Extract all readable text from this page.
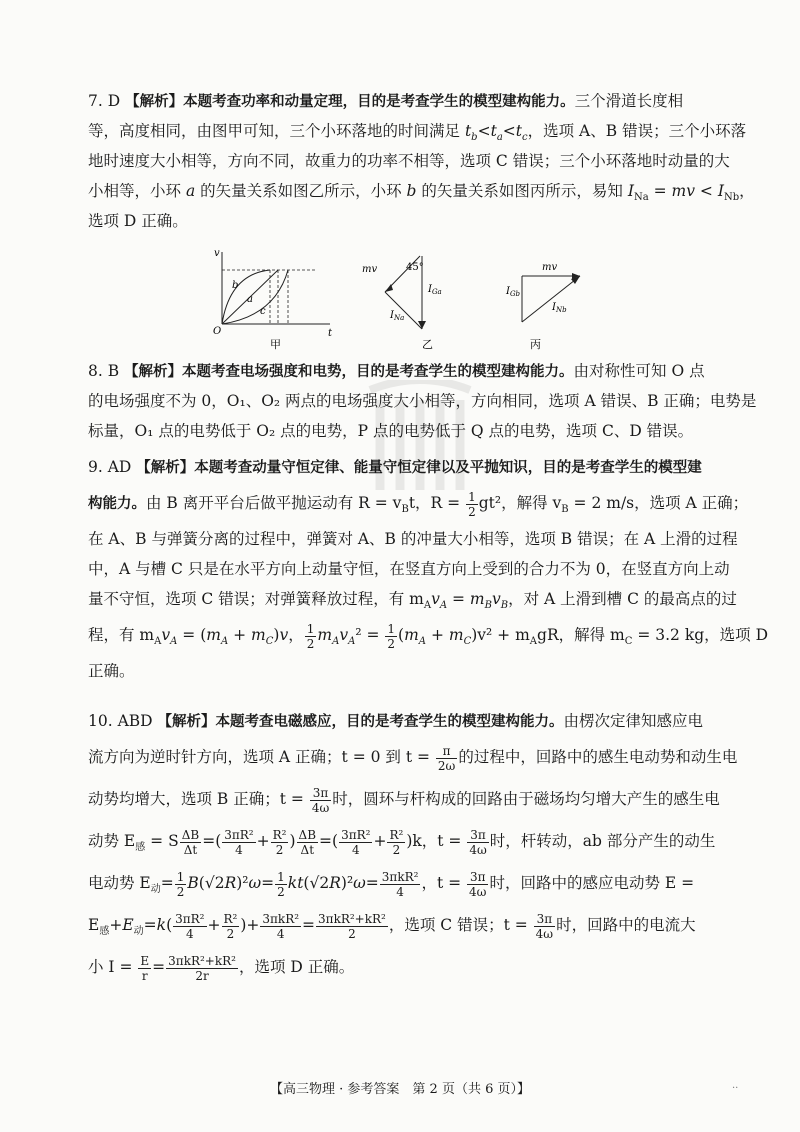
7. D 【解析】本题考查功率和动量定理，目的是考查学生的模型建构能力。三个滑道长度相
等，高度相同，由图甲可知，三个小环落地的时间满足 $t_b<t_a<t_c$，选项 A、B 错误；三个小环落
地时速度大小相等，方向不同，故重力的功率不相等，选项 C 错误；三个小环落地时动量的大
小相等，小环 a 的矢量关系如图乙所示，小环 b 的矢量关系如图丙所示，易知 $I_{Na}$ = mv < $I_{Nb}$，
选项 D 正确。
v
t
O
b
a
c
甲
mv	45°
$I_{Ga}$
$I_{Na}$
乙
mv
$I_{Gb}$
$I_{Nb}$
丙
8. B 【解析】本题考查电场强度和电势，目的是考查学生的模型建构能力。由对称性可知 O 点
的电场强度不为 0，O₁、O₂ 两点的电场强度大小相等，方向相同，选项 A 错误、B 正确；电势是
标量，O₁ 点的电势低于 O₂ 点的电势，P 点的电势低于 Q 点的电势，选项 C、D 错误。
9. AD 【解析】本题考查动量守恒定律、能量守恒定律以及平抛知识，目的是考查学生的模型建
构能力。由 B 离开平台后做平抛运动有 $R = v_Bt$，$R = \frac{1}{2} gt^2$，解得 $v_B = 2$ m/s，选项 A 正确；
在 A、B 与弹簧分离的过程中，弹簧对 A、B 的冲量大小相等，选项 B 错误；在 A 上滑的过程
中，A 与槽 C 只是在水平方向上动量守恒，在竖直方向上受到的合力不为 0，在竖直方向上动
量不守恒，选项 C 错误；对弹簧释放过程，有 $m_Av_A = m_Bv_B$，对 A 上滑到槽 C 的最高点的过
程，有 $m_Av_A = (m_A + m_C)v$， $\frac{1}{2} m_Av_A^2 = \frac{1}{2} (m_A + m_C)v^2 + m_AgR$，解得 $m_C = 3.2$ kg，选项 D
正确。
10. ABD 【解析】本题考查电磁感应，目的是考查学生的模型建构能力。由楞次定律知感应电
流方向为逆时针方向，选项 A 正确；t = 0 到 $t = \frac{\pi}{2\omega}$ 的过程中，回路中的感生电动势和动生电
动势均增大，选项 B 正确；$t = \frac{3\pi}{4\omega}$ 时，圆环与杆构成的回路由于磁场均匀增大产生的感生电
动势 $E_感 = S \frac{\Delta B}{\Delta t}$ =( $\frac{\text{3πR²}}{4} + \frac{\text{R²}}{2}$ ) $\frac{\Delta B}{\Delta t}$ =( $\frac{\text{3πR²}}{4} + \frac{\text{R²}}{2} )k$，$t = \frac{3\pi}{4\omega}$ 时，杆转动，ab 部分产生的动生
电动势 $E_动= \frac{1}{2} B(√2R)^2\omega= \frac{1}{2} kt(√2R)^2\omega= \frac{\text{3πkR²}}{4}$ ，$t = \frac{3\pi}{4\omega}$ 时，回路中的感应电动势 E =
$E_感+E_动=k( \frac{\text{3πR²}}{4} + \frac{\text{R²}}{2}$ )+ $\frac{\text{3πkR²}}{4} = \frac{\text{3πkR²+kR²}}{2}$ ，选项 C 错误；$t = \frac{3\pi}{4\omega}$ 时，回路中的电流大
小 $I = \frac{E}{r} = \frac{\text{3πkR²+kR²}}{2r}$ ，选项 D 正确。
【高三物理 · 参考答案　第 2 页（共 6 页）】	..
